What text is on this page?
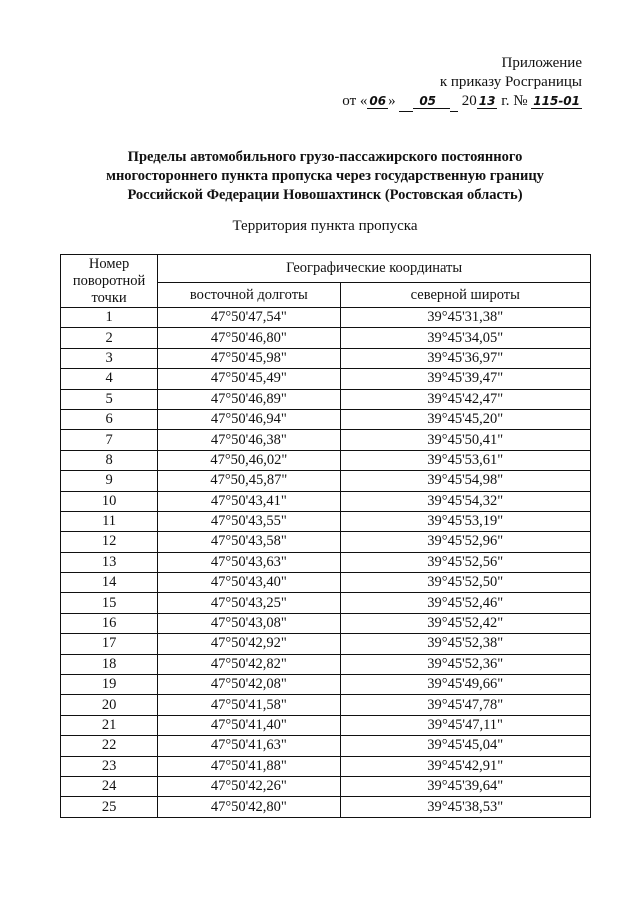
Приложение
к приказу Росграницы
от « 06 » 05 20 13 г. № 115-01
Пределы автомобильного грузо-пассажирского постоянного
многостороннего пункта пропуска через государственную границу
Российской Федерации Новошахтинск (Ростовская область)
Территория пункта пропуска
Номер поворотной точки	Географические координаты	
	восточной долготы	северной широты
1	47°50'47,54"	39°45'31,38"
2	47°50'46,80"	39°45'34,05"
3	47°50'45,98"	39°45'36,97"
4	47°50'45,49"	39°45'39,47"
5	47°50'46,89"	39°45'42,47"
6	47°50'46,94"	39°45'45,20"
7	47°50'46,38"	39°45'50,41"
8	47°50,46,02"	39°45'53,61"
9	47°50,45,87"	39°45'54,98"
10	47°50'43,41"	39°45'54,32"
11	47°50'43,55"	39°45'53,19"
12	47°50'43,58"	39°45'52,96"
13	47°50'43,63"	39°45'52,56"
14	47°50'43,40"	39°45'52,50"
15	47°50'43,25"	39°45'52,46"
16	47°50'43,08"	39°45'52,42"
17	47°50'42,92"	39°45'52,38"
18	47°50'42,82"	39°45'52,36"
19	47°50'42,08"	39°45'49,66"
20	47°50'41,58"	39°45'47,78"
21	47°50'41,40"	39°45'47,11"
22	47°50'41,63"	39°45'45,04"
23	47°50'41,88"	39°45'42,91"
24	47°50'42,26"	39°45'39,64"
25	47°50'42,80"	39°45'38,53"
